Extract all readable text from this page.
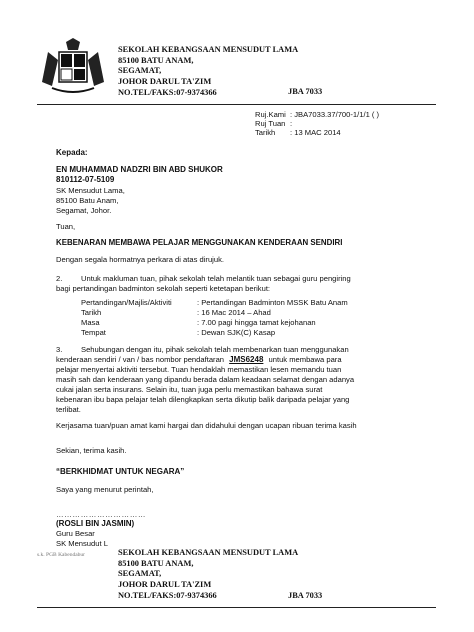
SEKOLAH KEBANGSAAN MENSUDUT LAMA
85100 BATU ANAM,
SEGAMAT,
JOHOR DARUL TA'ZIM
NO.TEL/FAKS:07-9374366	JBA 7033
Ruj.Kami : JBA7033.37/700-1/1/1 ( )
Ruj Tuan :
Tarikh : 13 MAC 2014
Kepada:
EN MUHAMMAD NADZRI BIN ABD SHUKOR
810112-07-5109
SK Mensudut Lama,
85100 Batu Anam,
Segamat, Johor.
Tuan,
KEBENARAN MEMBAWA PELAJAR MENGGUNAKAN KENDERAAN SENDIRI
Dengan segala hormatnya perkara di atas dirujuk.
2. Untuk makluman tuan, pihak sekolah telah melantik tuan sebagai guru pengiring
bagi pertandingan badminton sekolah seperti ketetapan berikut:
Pertandingan/Majlis/Aktiviti	: Pertandingan Badminton MSSK Batu Anam
Tarikh	: 16 Mac 2014 – Ahad
Masa	: 7.00 pagi hingga tamat kejohanan
Tempat	: Dewan SJK(C) Kasap
3. Sehubungan dengan itu, pihak sekolah telah membenarkan tuan menggunakan
kenderaan sendiri / van / bas nombor pendaftaran JMS6248 untuk membawa para
pelajar menyertai aktiviti tersebut. Tuan hendaklah memastikan lesen memandu tuan
masih sah dan kenderaan yang dipandu berada dalam keadaan selamat dengan adanya
cukai jalan serta insurans. Selain itu, tuan juga perlu memastikan bahawa surat
kebenaran ibu bapa pelajar telah dilengkapkan serta dikutip balik daripada pelajar yang
terlibat.
Kerjasama tuan/puan amat kami hargai dan didahului dengan ucapan ribuan terima kasih
Sekian, terima kasih.
“BERKHIDMAT UNTUK NEGARA”
Saya yang menurut perintah,
……………………………
(ROSLI BIN JASMIN)
Guru Besar
SK Mensudut L
s.k. PGB Kabendabur	SEKOLAH KEBANGSAAN MENSUDUT LAMA
85100 BATU ANAM,
SEGAMAT,
JOHOR DARUL TA'ZIM
NO.TEL/FAKS:07-9374366	JBA 7033
